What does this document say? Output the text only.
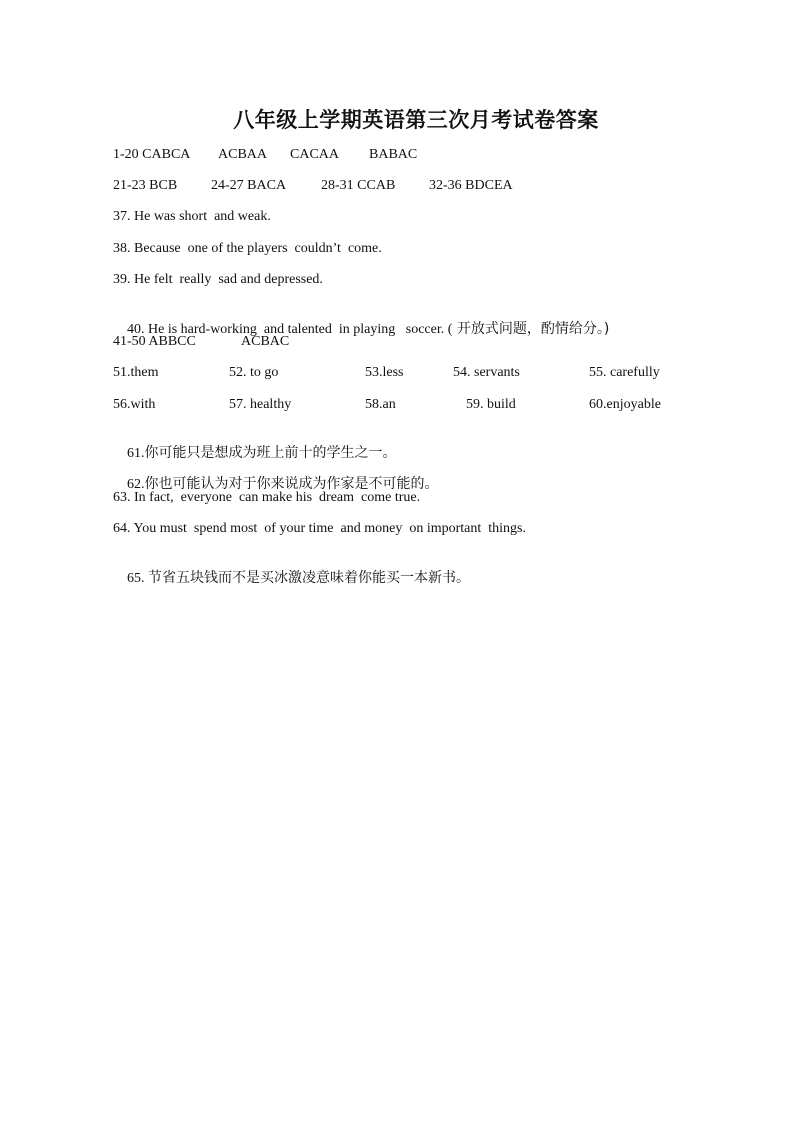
八年级上学期英语第三次月考试卷答案
1-20 CABCA ACBAA CACAA BABAC
21-23 BCB 24-27 BACA 28-31 CCAB 32-36 BDCEA
37. He was short  and weak.
38. Because  one of the players  couldn’t  come.
39. He felt  really  sad and depressed.

40. He is hard-working  and talented  in playing   soccer. ( 开放式问题，酌情给分。)

41-50 ABBCC	ACBAC
51.them	52. to go	53.less	54. servants	55. carefully
56.with	57. healthy	58.an	59. build	60.enjoyable

61.你可能只是想成为班上前十的学生之一。

62.你也可能认为对于你来说成为作家是不可能的。

63. In fact,  everyone  can make his  dream  come true.
64. You must  spend most  of your time  and money  on important  things.

65. 节省五块钱而不是买冰激凌意味着你能买一本新书。
